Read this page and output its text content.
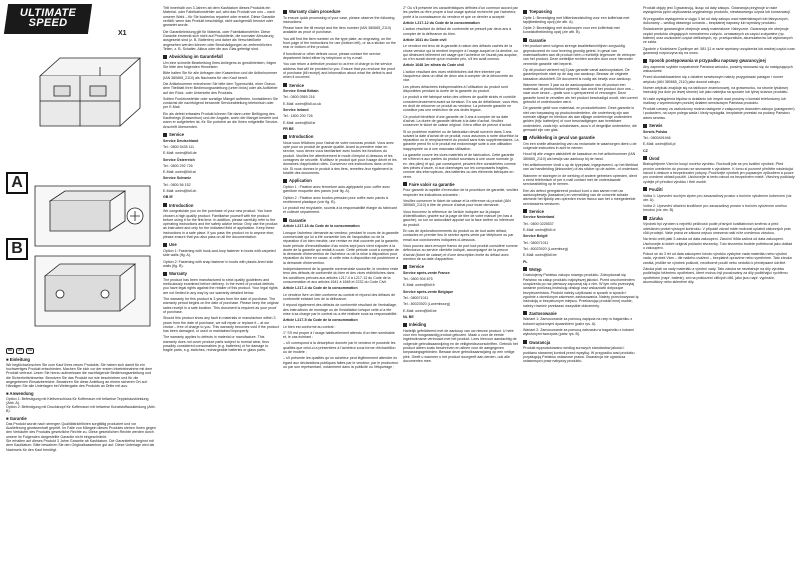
ULTIMATE SPEED
X1
A
B
DE	AT	CH
■ Einleitung

Wir beglückwünschen Sie zum Kauf Ihres neuen Produkts. Sie haben sich damit für ein hochwertiges Produkt entschieden. Machen Sie sich vor der ersten Inbetriebnahme mit dem Produkt vertraut. Lesen Sie hierzu aufmerksam die nachfolgende Bedienungsanleitung und die Sicherheitshinweise. Benutzen Sie das Produkt nur wie beschrieben und für die angegebenen Einsatzbereiche. Bewahren Sie diese Anleitung an einem sicheren Ort auf. Händigen Sie alle Unterlagen bei Weitergabe des Produkts an Dritte mit aus.

■ Anwendung

Option 1: Befestigung mit Klettverschluss für Kofferraum mit teilweise Teppichauskleidung (Abb. A).

Option 2: Befestigung mit Druckknopf für Kofferraum mit teilweise Kunststoffauskleidung (Abb. B).

■ Garantie

Das Produkt wurde nach strengen Qualitätsrichtlinien sorgfältig produziert und vor Auslieferung gewissenhaft geprüft. Im Falle von Mängeln dieses Produkts stehen Ihnen gegen den Verkäufer des Produkts gesetzliche Rechte zu. Diese gesetzlichen Rechte werden durch unsere im Folgenden dargestellte Garantie nicht eingeschränkt.

Sie erhalten auf dieses Produkt 3 Jahre Garantie ab Kaufdatum. Die Garantiefrist beginnt mit dem Kaufdatum. Bitte bewahren Sie den Originalkassenbon gut auf. Diese Unterlage wird als Nachweis für den Kauf benötigt.

Tritt innerhalb von 3 Jahren ab dem Kaufdatum dieses Produkts ein Material- oder Fabrikationsfehler auf, wird das Produkt von uns – nach unserer Wahl – für Sie kostenlos repariert oder ersetzt. Diese Garantie verfällt, wenn das Produkt beschädigt, nicht sachgemäß benutzt oder gewartet wurde.

Die Garantieleistung gilt für Material- oder Fabrikationsfehler. Diese Garantie erstreckt sich nicht auf Produktteile, die normaler Abnutzung ausgesetzt sind (z. B. Batterien) und daher als Verschleißteile angesehen werden können oder Beschädigungen an zerbrechlichen Teilen, z. B. Schalter, Akkus oder die aus Glas gefertigt sind.

Abwicklung im Garantiefall

Um eine schnelle Bearbeitung Ihres Anliegens zu gewährleisten, folgen Sie bitte den folgenden Hinweisen:

Bitte halten Sie für alle Anfragen den Kassenbon und die Artikelnummer (IAN 380665_2110) als Nachweis für den Kauf bereit.

Die Artikelnummer entnehmen Sie bitte dem Typenschild, einer Gravur, dem Titelblatt Ihrer Bedienungsanleitung (unten links) oder als Aufkleber auf der Rück- oder Unterseite des Produkts.

Sollten Funktionsfehler oder sonstige Mängel auftreten, kontaktieren Sie zunächst die nachfolgend benannte Serviceabteilung telefonisch oder per E-Mail.

Ein als defekt erfasstes Produkt können Sie dann unter Beifügung des Kaufbelegs (Kassenbon) und der Angabe, worin der Mangel besteht und wann er aufgetreten ist, für Sie portofrei an die Ihnen mitgeteilte Service-Anschrift übersenden.

Service

Service Deutschland

Tel.: 0800 5435 111

E-Mail: owim@lidl.de

Service Österreich

Tel.: 0800 292 726

E-Mail: owim@lidl.at

Service Schweiz

Tel.: 0800 56 152

E-Mail: owim@lidl.ch

GB IE

Introduction

We congratulate you on the purchase of your new product. You have chosen a high quality product. Familiarise yourself with the product before using it for the first time. In addition, please carefully refer to the operating instructions and the safety advice below. Only use the product as instructed and only for the indicated field of application. Keep these instructions in a safe place. If you pass the product on to anyone else, please ensure that you also pass on all the documentation.

Use

Option 1: Fastening with hook-and-loop fastener in boots with carpeted side walls (fig. A).

Option 2: Fastening with snap fastener in boots with plastic-lined side walls (fig. B).

Warranty

The product has been manufactured to strict quality guidelines and meticulously examined before delivery. In the event of product defects you have legal rights against the retailer of this product. Your legal rights are not limited in any way by our warranty detailed below.

The warranty for this product is 3 years from the date of purchase. The warranty period begins on the date of purchase. Please keep the original sales receipt in a safe location. This document is required as your proof of purchase.

Should this product show any fault in materials or manufacture within 3 years from the date of purchase, we will repair or replace it – at our choice – free of charge to you. This warranty becomes void if the product has been damaged, or used or maintained improperly.

The warranty applies to defects in material or manufacture. This warranty does not cover product parts subject to normal wear, thus possibly considered consumables (e.g. batteries) or for damage to fragile parts, e.g. switches, rechargeable batteries or glass parts.

Warranty claim procedure

To ensure quick processing of your case, please observe the following instructions:

Please have the till receipt and the item number (IAN 380665_2110) available as proof of purchase.

You will find the item number on the type plate, an engraving, on the front page of the instructions for use (bottom left), or as a sticker on the rear or bottom of the product.

If functional or other defects occur, please contact the service department listed either by telephone or by e-mail.

You can return a defective product to us free of charge to the service address that will be provided to you. Ensure that you enclose the proof of purchase (till receipt) and information about what the defect is and when it occurred.

Service

Service Great Britain

Tel.: 0800 0569 216

E-Mail: owim@lidl.co.uk

Service Ireland

Tel.: 1800 200 726

E-Mail: owim@lidl.ie

FR BE

Introduction

Nous vous félicitons pour l'achat de votre nouveau produit. Vous avez opté pour un produit de grande qualité. Avant la première mise en service, vous devez vous familiariser avec toutes les fonctions du produit. Veuillez lire attentivement le mode d'emploi ci-dessous et les consignes de sécurité. N'utilisez le produit que pour l'usage décrit et les domaines d'application cités. Conservez ces instructions dans un lieu sûr. Si vous donnez le produit à des tiers, remettez-leur également la totalité des documents.

Application

Option 1 : Fixation avec fermeture auto-agrippante pour coffre avec garniture moquette des parois (voir fig. A).

Option 2 : Fixation avec bouton-pression pour coffre avec parois à revêtement plastique (voir fig. B).

Le produit est recyclable, soumis à la responsabilité élargie du fabricant et collecté séparément.

Garantie

Article L217-16 du Code de la consommation

Lorsque l'acheteur demande au vendeur, pendant le cours de la garantie commerciale qui lui a été consentie lors de l'acquisition ou de la réparation d'un bien meuble, une remise en état couverte par la garantie, toute période d'immobilisation d'au moins sept jours vient s'ajouter à la durée de la garantie qui restait à courir. Cette période court à compter de la demande d'intervention de l'acheteur ou de la mise à disposition pour réparation du bien en cause, si cette mise à disposition est postérieure à la demande d'intervention.

Indépendamment de la garantie commerciale souscrite, le vendeur reste tenu des défauts de conformité du bien et des vices rédhibitoires dans les conditions prévues aux articles L217-4 à L217-13 du Code de la consommation et aux articles 1641 à 1648 et 2232 du Code Civil.

Article L217-4 du Code de la consommation

Le vendeur livre un bien conforme au contrat et répond des défauts de conformité existant lors de la délivrance.

Il répond également des défauts de conformité résultant de l'emballage, des instructions de montage ou de l'installation lorsque celle-ci a été mise à sa charge par le contrat ou a été réalisée sous sa responsabilité.

Article L217-5 du Code de la consommation

Le bien est conforme au contrat :

1° S'il est propre à l'usage habituellement attendu d'un bien semblable et, le cas échéant :

– s'il correspond à la description donnée par le vendeur et possède les qualités que celui-ci a présentées à l'acheteur sous forme d'échantillon ou de modèle ;

– s'il présente les qualités qu'un acheteur peut légitimement attendre eu égard aux déclarations publiques faites par le vendeur, par le producteur ou par son représentant, notamment dans la publicité ou l'étiquetage ;

2° Ou s'il présente les caractéristiques définies d'un commun accord par les parties ou être propre à tout usage spécial recherché par l'acheteur, porté à la connaissance du vendeur et que ce dernier a accepté.

Article L217-12 du Code de la consommation

L'action résultant du défaut de conformité se prescrit par deux ans à compter de la délivrance du bien.

Article 1641 du Code civil

Le vendeur est tenu de la garantie à raison des défauts cachés de la chose vendue qui la rendent impropre à l'usage auquel on la destine, ou qui diminuent tellement cet usage que l'acheteur ne l'aurait pas acquise, ou n'en aurait donné qu'un moindre prix, s'il les avait connus.

Article 1648 1er alinéa du Code civil

L'action résultant des vices rédhibitoires doit être intentée par l'acquéreur dans un délai de deux ans à compter de la découverte du vice.

Les pièces détachées indispensables à l'utilisation du produit sont disponibles pendant la durée de la garantie du produit.

Le produit a été fabriqué selon des critères de qualité stricts et contrôlé consciencieusement avant sa livraison. En cas de défaillance, vous êtes en droit de retourner ce produit au vendeur. La présente garantie ne constitue pas une restriction de vos droits légaux.

Ce produit bénéficie d'une garantie de 3 ans à compter de sa date d'achat. La durée de garantie débute à la date d'achat. Veuillez conserver le ticket de caisse original. Il fera office de preuve d'achat.

Si un problème matériel ou de fabrication devait survenir dans 3 ans suivant la date d'achat de ce produit, nous assurons à notre discrétion la réparation ou le remplacement du produit sans frais supplémentaires. La garantie prend fin si le produit est endommagé suite à une utilisation inappropriée ou à une mauvaise utilisation.

La garantie couvre les vices matériels et de fabrication. Cette garantie ne s'étend ni aux parties du produit soumises à une usure normale (p. ex. des piles) et qui, par conséquent, peuvent être considérées comme des pièces d'usure, ni aux dommages sur les composants fragiles, comme des interrupteurs, des batteries ou des éléments fabriqués en verre.

Faire valoir sa garantie

Pour garantir la rapidité d'exécution de la procédure de garantie, veuillez respecter les indications suivantes :

Veuillez conserver le ticket de caisse et la référence du produit (IAN 380665_2110) à titre de preuve d'achat pour toute demande.

Vous trouverez la référence de l'article indiquée sur la plaque d'identification, gravée sur la page de titre de votre manuel (en bas à gauche), ou sur un autocollant apposé sur la face arrière ou inférieure du produit.

En cas de dysfonctionnements du produit ou de tout autre défaut, contactez en premier lieu le service après-vente par téléphone ou par email aux coordonnées indiquées ci-dessous.

Vous pouvez alors envoyer franco de port tout produit considéré comme défectueux au service clientèle indiqué, accompagné de la preuve d'achat (ticket de caisse) et d'une description écrite du défaut avec mention de sa date d'apparition.

Service

Service après-vente France

Tel.: 0800 904 875

E-Mail: owim@lidl.fr

Service après-vente Belgique

Tel.: 080071011

Tel.: 80023920 (Luxembourg)

E-Mail: owim@lidl.be

NL BE

Inleiding

Hartelijk gefeliciteerd met de aankoop van uw nieuwe product. U hebt voor een hoogwaardig product gekozen. Maak u voor de eerste ingebruikname vertrouwd met het product. Lees hiervoor aandachtig de volgende gebruiksaanwijzing en de veiligheidsvoorschriften. Gebruik het product alleen zoals beschreven en alleen voor de aangegeven toepassingsgebieden. Bewaar deze gebruiksaanwijzing op een veilige plek. Geeft u wanneer u het product doorgeeft aan derden, ook alle documenten mee.

Toepassing

Optie 1: Bevestiging met klittenbandsluiting voor een kofferbak met tapijtbekleding opzij (zie afb. A).

Optie 2: Bevestiging met drukknopen voor een kofferbak met kunststofbekleding opzij (zie afb. B).

Garantie

Het product werd volgens strenge kwaliteitsrichtlijnen zorgvuldig geproduceerd en voor levering grondig getest. In geval van materiaalfouten aan dit product hebt u rechtelijk tegenover de verkoper van het product. Deze wettelijke rechten worden door onze hieronder vermelde garantie niet beperkt.

Op dit product verleent wij 3 jaar garantie vanaf aankoopdatum. De garantieperiode start op de dag van aankoop. Bewaar de originele kassabon alstublieft. Dit document is nodig als bewijs voor aankoop.

Wanneer binnen 3 jaar na de aankoopdatum van dit product een materiaal- of productiefout optreedt, dan wordt het product door ons – naar onze keuze – gratis voor u gerepareerd of vervangen. Deze garantie komt te vervallen als het product beschadigd wordt, niet correct gebruikt of onderhouden werd.

De garantie geldt voor materiaal- en productiefouten. Deze garantie is niet van toepassing op productonderdelen, die onderhevig zijn aan normale slijtage en hierdoor als aan slijtage onderhevige onderdelen gelden (bijv. batterijen) of voor beschadigingen aan breekbare onderdelen, zoals bijv. schakelaars, accu's of dergelijke onderdelen, die gemaakt zijn van glas.

Afwikkeling in geval van garantie

Om een snelle afhandeling van uw reclamatie te waarborgen dient u de volgende instructies in acht te nemen:

Houd bij alle vragen alstublieft de kassabon en het artikelnummer (IAN 380665_2110) als bewijs van aankoop bij de hand.

Het artikelnummer vindt u op de typeplaat, ingegraveerd, op het titelblad van uw handleiding (linksonder) of als sticker op de achter- of onderkant.

Wanneer er storingen in de werking of andere gebreken optreden, dient u eerst telefonisch of per e-mail contact met de onderstaande serviceafdeling op te nemen.

Een als defect geregistreerd product kunt u dan samen met uw aankoopbewijs (kassabon) en vermelding van de concrete schade alsmede het tijdstip van optreden ervan franco aan het u meegedeelde serviceadres versturen.

Service

Service Nederland

Tel.: 0800 0225537

E-Mail: owim@lidl.nl

Service België

Tel.: 080071011

Tel.: 80023920 (Luxemburg)

E-Mail: owim@lidl.be

PL

Wstęp

Gratulujemy Państwu zakupu nowego produktu. Zdecydowali się Państwo na zakup produktu najwyższej jakości. Przed uruchomieniem urządzenia po raz pierwszy zapoznaj się z nim. W tym celu przeczytaj uważnie poniższą instrukcję obsługi oraz wskazówki dotyczące bezpieczeństwa. Produkt należy użytkować w sposób w sposób i zgodnie z określonym zakresem zastosowania. Należy przechowywać tę instrukcję w bezpiecznym miejscu. Przekazując produkt innej osobie, należy również przekazać wszystkie dokumenty.

Zastosowanie

Wariant 1: Zamocowanie za pomocą zapięcia na rzep w bagażniku z bokami wyłożonymi dywanikiem (patrz rys. A).

Wariant 2: Zamocowanie za pomocą zatrzasku w bagażniku z bokami wyłożonymi tworzywa (patrz rys. B).

Gwarancja

Produkt wyprodukowano według surowych standardów jakości i poddano starannej kontroli przed wysyłką. W przypadku wad produktu przysługują Państwu ustawowe prawa. Gwarancja nie ogranicza ustawowych praw nabywcy produktu.

Produkt objęty jest 3 gwarancją, licząc od daty zakupu. Gwarancja przyjmuje w razie wystąpienia pętni użytkowania oryginalnego produktu, niewłaściwego użycia lub konserwacji.

W przypadku wystąpienia w ciągu 3 lat od daty zakupu wad materiałowych lub fabrycznych, dokonamy – według własnego uznania – bezpłatnej naprawy lub wymiany produktu.

Świadczenie gwarancyjne obejmuje wady materiałowe i fabryczne. Gwarancja nie obejmuje części produktu ulegających normalnemu zużyciu, uznawanych za części zużywalne (np. baterie) oraz uszkodzeń części delikatnych, np. przełączników, akumulatorów lub wykonanych ze szkła.

Zgodnie z Kodeksem Cywilnym art. 581 §1 w razie wymiany urządzenia lub wadnej części czas gwarancji rozpoczyna się na nowo.

Sposób postępowania w przypadku naprawy gwarancyjnej

Aby zapewnić szybkie rozpatrzenie Państwa wniosku, prosimy stosować się do następujących wskazówek:

Przed skontaktowaniem się z działem serwisowym należy przygotować paragon i numer artykułu (IAN 380665_2110) jako dowód zakupu.

Numer artykułu znajduje się na tabliczce znamionowej, na grawerunku, na stronie tytułowej instrukcji (na dole po lewej stronie) lub jako naklejka na spodzie lub tylnej ściance produktu.

W razie wystąpienia błędów w działaniu lub innych wad prosimy o kontakt telefoniczny lub mailowy z wymienionym poniżej działem serwisowym Państwa produktu.

Produkt uznany za uszkodzony można następnie z załączonym dowodem zakupu (paragonem) i podaniem, na czym polega wada i kiedy wystąpiła, bezpłatnie przesłać na podany Państwu adres serwisu.

Serwis

Serwis Polska

Tel.: 0800491946

E-Mail: owim@lidl.pl

CZ

Úvod

Blahopřejeme Vám ke koupi nového výrobku. Rozhodli jste se pro kvalitní výrobek. Před prvním uvedením do provozu se seznamte s výrobkem. K tomu si pozorně přečtěte následující návod k obsluze a bezpečnostní pokyny. Používejte výrobek jen popsaným způsobem a pouze pro uvedené oblasti použití. Uschovejte si tento návod na bezpečném místě. Všechny podklady vydejte při předání výrobku i třetí osobě.

Použití

Volba 1: Upevnění suchým zipem pro zavazadlový prostor s bočním vyložením kobercem (viz obr. A).

Volba 2: Upevnění stlačení knoflíkem pro zavazadlový prostor s bočním vyložením umělou hmotou (viz obr. B).

Záruka

Výrobek byl vyroben s největší pečlivostí podle přísných kvalitativních směrnic a před odesláním prošel výstupní kontrolou. V případě závad máte možnost uplatnit zákonných práv vůči prodejci. Vaše práva ze zákona nejsou omezená naší níže uvedenou zárukou.

Na tento orbit platí 3 záruka od data zakoupení. Záruční lhůta začíná od data zakoupení. Uschovejte si dobře originál pokladní stvrzenky. Tuto stvrzenku budete potřebovat jako doklad o zakoupení.

Pokud se do 3 let od data zakoupení tohoto výrobku vyskytne vada materiálu nebo výrobní vada, výrobek Vám – dle našeho uvážení – bezplatně opravíme nebo vyměníme. Tato záruka zaniká, jestliže se výrobek poškodí, neodborně použil nebo nedošlo k předepsané údržbě.

Záruka platí na vady materiálu a výrobní vady. Tato záruka se nevztahuje na díly výrobku podléhající běžnému opotřebení, které mohou být považovány za díly podléhající rychlému opotřebení (např. baterie), ani na poškození citlivých dílů, jako jsou např. vypínače, akumulátory nebo skleněné díly.
